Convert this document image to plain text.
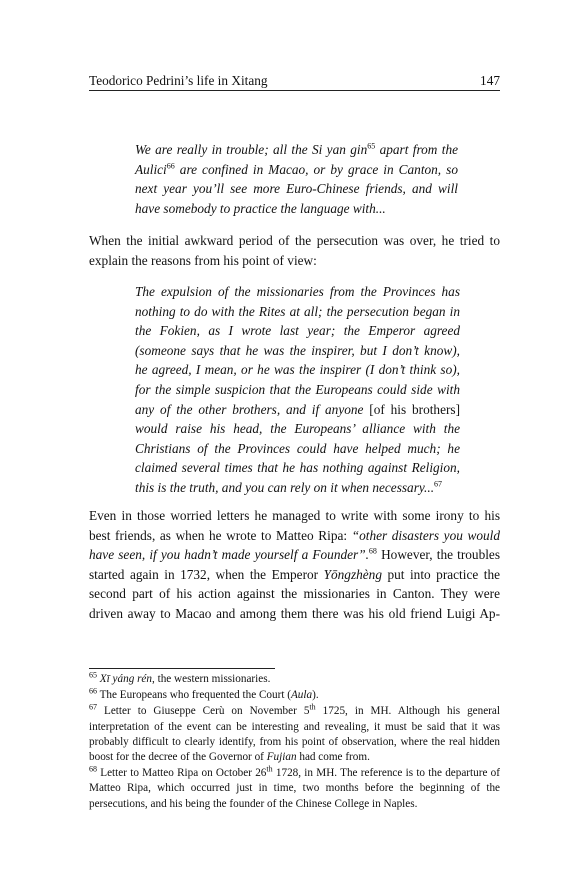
Teodorico Pedrini’s life in Xitang	147
We are really in trouble; all the Si yan gin$^{65}$ apart from the
Aulici$^{66}$ are confined in Macao, or by grace in Canton, so
next year you’ll see more Euro-Chinese friends, and will
have somebody to practice the language with...
When the initial awkward period of the persecution was over, he tried to
explain the reasons from his point of view:
The expulsion of the missionaries from the Provinces has
nothing to do with the Rites at all; the persecution began in
the Fokien, as I wrote last year; the Emperor agreed
(someone says that he was the inspirer, but I don’t know),
he agreed, I mean, or he was the inspirer (I don’t think so),
for the simple suspicion that the Europeans could side with
any of the other brothers, and if anyone [of his brothers]
would raise his head, the Europeans’ alliance with the
Christians of the Provinces could have helped much; he
claimed several times that he has nothing against Religion,
this is the truth, and you can rely on it when necessary...$^{67}$
Even in those worried letters he managed to write with some irony to his
best friends, as when he wrote to Matteo Ripa: “other disasters you would
have seen, if you hadn’t made yourself a Founder”.$^{68}$ However, the troubles
started again in 1732, when the Emperor Yōngzhèng put into practice the
second part of his action against the missionaries in Canton. They were
driven away to Macao and among them there was his old friend Luigi Ap-

$^{65}$ Xī yáng rén, the western missionaries.

$^{66}$ The Europeans who frequented the Court (Aula).

$^{67}$ Letter to Giuseppe Cerù on November 5th 1725, in MH. Although his general interpretation of the event can be interesting and revealing, it must be said that it was probably difficult to clearly identify, from his point of observation, where the real hidden boost for the decree of the Governor of Fujian had come from.

$^{68}$ Letter to Matteo Ripa on October 26th 1728, in MH. The reference is to the departure of Matteo Ripa, which occurred just in time, two months before the beginning of the persecutions, and his being the founder of the Chinese College in Naples.
